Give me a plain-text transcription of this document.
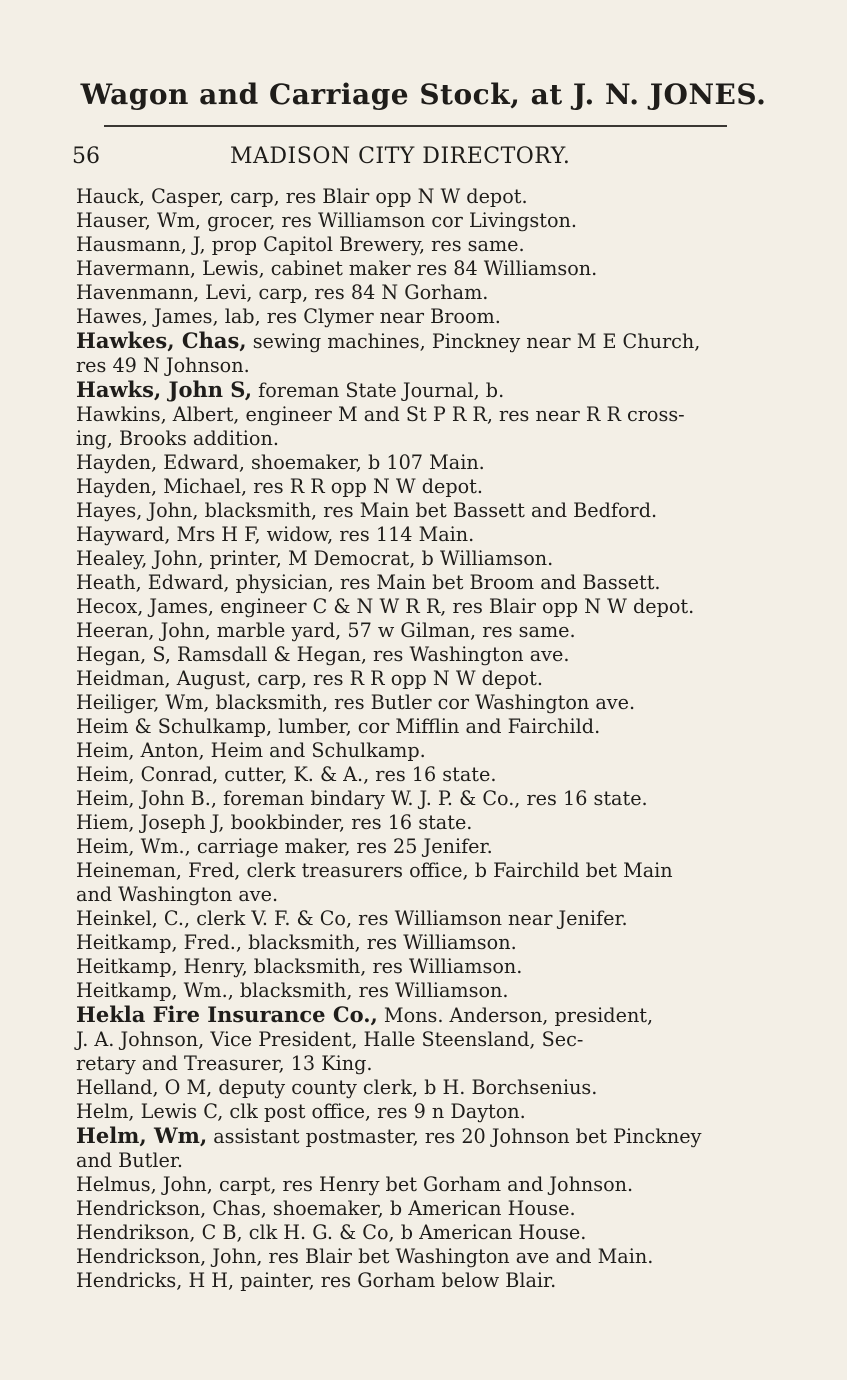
Wagon and Carriage Stock, at J. N. JONES.
56	MADISON CITY DIRECTORY.
Hauck, Casper, carp, res Blair opp N W depot.
Hauser, Wm, grocer, res Williamson cor Livingston.
Hausmann, J, prop Capitol Brewery, res same.
Havermann, Lewis, cabinet maker res 84 Williamson.
Havenmann, Levi, carp, res 84 N Gorham.
Hawes, James, lab, res Clymer near Broom.
Hawkes, Chas, sewing machines, Pinckney near M E Church,
res 49 N Johnson.
Hawks, John S, foreman State Journal, b.
Hawkins, Albert, engineer M and St P R R, res near R R cross-
ing, Brooks addition.
Hayden, Edward, shoemaker, b 107 Main.
Hayden, Michael, res R R opp N W depot.
Hayes, John, blacksmith, res Main bet Bassett and Bedford.
Hayward, Mrs H F, widow, res 114 Main.
Healey, John, printer, M Democrat, b Williamson.
Heath, Edward, physician, res Main bet Broom and Bassett.
Hecox, James, engineer C & N W R R, res Blair opp N W depot.
Heeran, John, marble yard, 57 w Gilman, res same.
Hegan, S, Ramsdall & Hegan, res Washington ave.
Heidman, August, carp, res R R opp N W depot.
Heiliger, Wm, blacksmith, res Butler cor Washington ave.
Heim & Schulkamp, lumber, cor Mifflin and Fairchild.
Heim, Anton, Heim and Schulkamp.
Heim, Conrad, cutter, K. & A., res 16 state.
Heim, John B., foreman bindary W. J. P. & Co., res 16 state.
Hiem, Joseph J, bookbinder, res 16 state.
Heim, Wm., carriage maker, res 25 Jenifer.
Heineman, Fred, clerk treasurers office, b Fairchild bet Main
and Washington ave.
Heinkel, C., clerk V. F. & Co, res Williamson near Jenifer.
Heitkamp, Fred., blacksmith, res Williamson.
Heitkamp, Henry, blacksmith, res Williamson.
Heitkamp, Wm., blacksmith, res Williamson.
Hekla Fire Insurance Co., Mons. Anderson, president,
J. A. Johnson, Vice President, Halle Steensland, Sec-
retary and Treasurer, 13 King.
Helland, O M, deputy county clerk, b H. Borchsenius.
Helm, Lewis C, clk post office, res 9 n Dayton.
Helm, Wm, assistant postmaster, res 20 Johnson bet Pinckney
and Butler.
Helmus, John, carpt, res Henry bet Gorham and Johnson.
Hendrickson, Chas, shoemaker, b American House.
Hendrikson, C B, clk H. G. & Co, b American House.
Hendrickson, John, res Blair bet Washington ave and Main.
Hendricks, H H, painter, res Gorham below Blair.
